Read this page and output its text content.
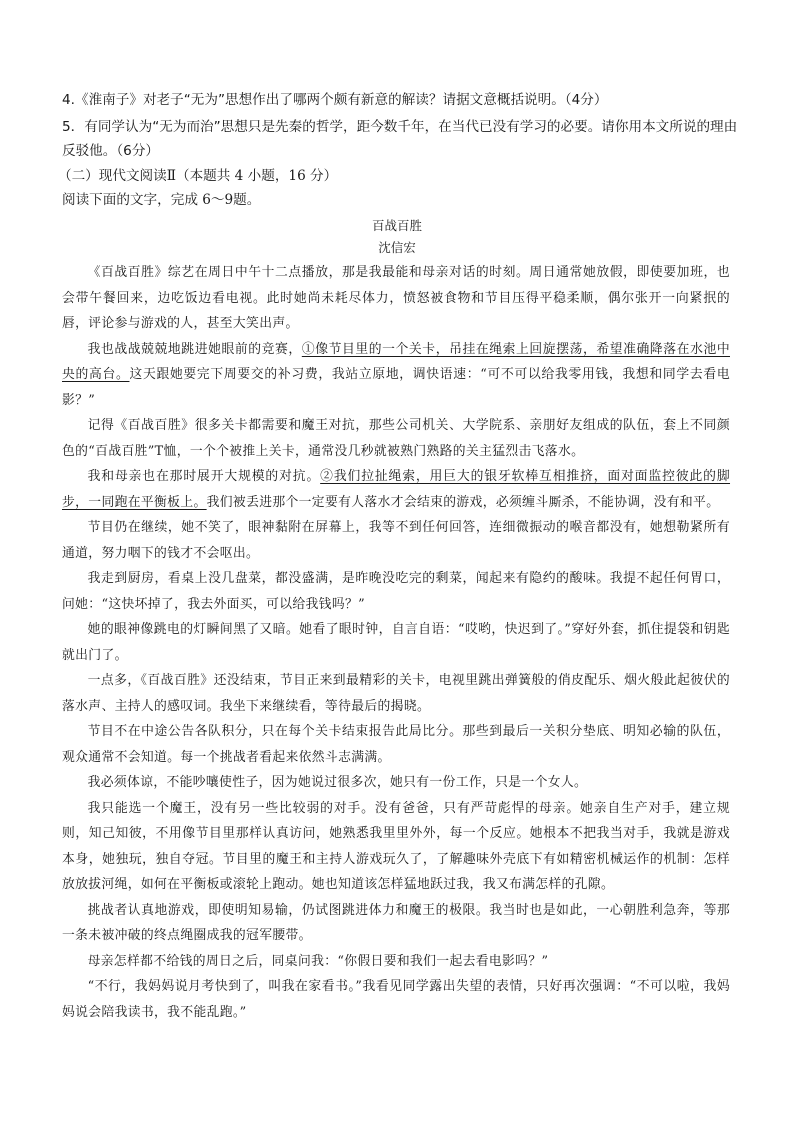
4.《淮南子》对老子“无为”思想作出了哪两个颇有新意的解读？请据文意概括说明。（4分）

5．有同学认为“无为而治”思想只是先秦的哲学，距今数千年，在当代已没有学习的必要。请你用本文所说的理由反驳他。（6分）

（二）现代文阅读Ⅱ（本题共 4 小题，16 分）

阅读下面的文字，完成 6～9题。

百战百胜

沈信宏

《百战百胜》综艺在周日中午十二点播放，那是我最能和母亲对话的时刻。周日通常她放假，即使要加班，也会带午餐回来，边吃饭边看电视。此时她尚未耗尽体力，愤怒被食物和节目压得平稳柔顺，偶尔张开一向紧抿的唇，评论参与游戏的人，甚至大笑出声。

我也战战兢兢地跳进她眼前的竞赛，①像节目里的一个关卡，吊挂在绳索上回旋摆荡，希望准确降落在水池中央的高台。这天跟她要完下周要交的补习费，我站立原地，调快语速：“可不可以给我零用钱，我想和同学去看电影？”

记得《百战百胜》很多关卡都需要和魔王对抗，那些公司机关、大学院系、亲朋好友组成的队伍，套上不同颜色的“百战百胜”T恤，一个个被推上关卡，通常没几秒就被熟门熟路的关主猛烈击飞落水。

我和母亲也在那时展开大规模的对抗。②我们拉扯绳索，用巨大的银牙软棒互相推挤，面对面监控彼此的脚步，一同跑在平衡板上。我们被丢进那个一定要有人落水才会结束的游戏，必须缠斗厮杀，不能协调，没有和平。

节目仍在继续，她不笑了，眼神黏附在屏幕上，我等不到任何回答，连细微振动的喉音都没有，她想勒紧所有通道，努力咽下的钱才不会呕出。

我走到厨房，看桌上没几盘菜，都没盛满，是昨晚没吃完的剩菜，闻起来有隐约的酸味。我提不起任何胃口，问她：“这快坏掉了，我去外面买，可以给我钱吗？”

她的眼神像跳电的灯瞬间黑了又暗。她看了眼时钟，自言自语：“哎哟，快迟到了。”穿好外套，抓住提袋和钥匙就出门了。

一点多，《百战百胜》还没结束，节目正来到最精彩的关卡，电视里跳出弹簧般的俏皮配乐、烟火般此起彼伏的落水声、主持人的感叹词。我坐下来继续看，等待最后的揭晓。

节目不在中途公告各队积分，只在每个关卡结束报告此局比分。那些到最后一关积分垫底、明知必输的队伍，观众通常不会知道。每一个挑战者看起来依然斗志满满。

我必须体谅，不能吵嚷使性子，因为她说过很多次，她只有一份工作，只是一个女人。

我只能选一个魔王，没有另一些比较弱的对手。没有爸爸，只有严苛彪悍的母亲。她亲自生产对手，建立规则，知己知彼，不用像节目里那样认真访问，她熟悉我里里外外，每一个反应。她根本不把我当对手，我就是游戏本身，她独玩，独自夺冠。节目里的魔王和主持人游戏玩久了，了解趣味外壳底下有如精密机械运作的机制：怎样放放拔河绳，如何在平衡板或滚轮上跑动。她也知道该怎样猛地跃过我，我又布满怎样的孔隙。

挑战者认真地游戏，即使明知易输，仍试图跳进体力和魔王的极限。我当时也是如此，一心朝胜利急奔，等那一条未被冲破的终点绳圈成我的冠军腰带。

母亲怎样都不给钱的周日之后，同桌问我：“你假日要和我们一起去看电影吗？”

“不行，我妈妈说月考快到了，叫我在家看书。”我看见同学露出失望的表情，只好再次强调：“不可以啦，我妈妈说会陪我读书，我不能乱跑。”
